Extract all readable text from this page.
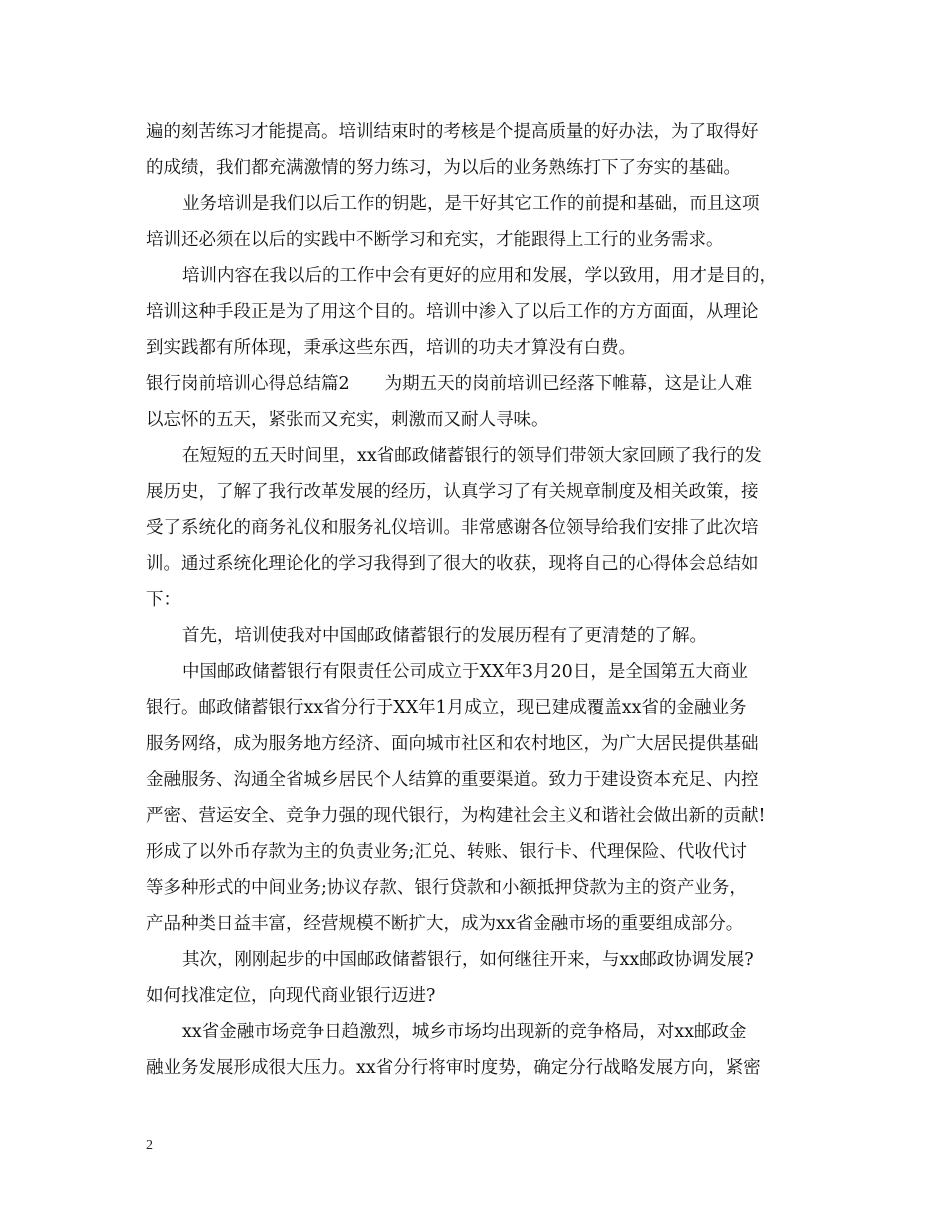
遍的刻苦练习才能提高。培训结束时的考核是个提高质量的好办法，为了取得好
的成绩，我们都充满激情的努力练习，为以后的业务熟练打下了夯实的基础。
业务培训是我们以后工作的钥匙，是干好其它工作的前提和基础，而且这项
培训还必须在以后的实践中不断学习和充实，才能跟得上工行的业务需求。
培训内容在我以后的工作中会有更好的应用和发展，学以致用，用才是目的，
培训这种手段正是为了用这个目的。培训中渗入了以后工作的方方面面，从理论
到实践都有所体现，秉承这些东西，培训的功夫才算没有白费。
银行岗前培训心得总结篇2　　为期五天的岗前培训已经落下帷幕，这是让人难
以忘怀的五天，紧张而又充实，刺激而又耐人寻味。
在短短的五天时间里，xx省邮政储蓄银行的领导们带领大家回顾了我行的发
展历史，了解了我行改革发展的经历，认真学习了有关规章制度及相关政策，接
受了系统化的商务礼仪和服务礼仪培训。非常感谢各位领导给我们安排了此次培
训。通过系统化理论化的学习我得到了很大的收获，现将自己的心得体会总结如
下：
首先，培训使我对中国邮政储蓄银行的发展历程有了更清楚的了解。
中国邮政储蓄银行有限责任公司成立于XX年3月20日，是全国第五大商业
银行。邮政储蓄银行xx省分行于XX年1月成立，现已建成覆盖xx省的金融业务
服务网络，成为服务地方经济、面向城市社区和农村地区，为广大居民提供基础
金融服务、沟通全省城乡居民个人结算的重要渠道。致力于建设资本充足、内控
严密、营运安全、竞争力强的现代银行，为构建社会主义和谐社会做出新的贡献!
形成了以外币存款为主的负责业务;汇兑、转账、银行卡、代理保险、代收代讨
等多种形式的中间业务;协议存款、银行贷款和小额抵押贷款为主的资产业务，
产品种类日益丰富，经营规模不断扩大，成为xx省金融市场的重要组成部分。
其次，刚刚起步的中国邮政储蓄银行，如何继往开来，与xx邮政协调发展?
如何找准定位，向现代商业银行迈进?
xx省金融市场竞争日趋激烈，城乡市场均出现新的竞争格局，对xx邮政金
融业务发展形成很大压力。xx省分行将审时度势，确定分行战略发展方向，紧密
2
